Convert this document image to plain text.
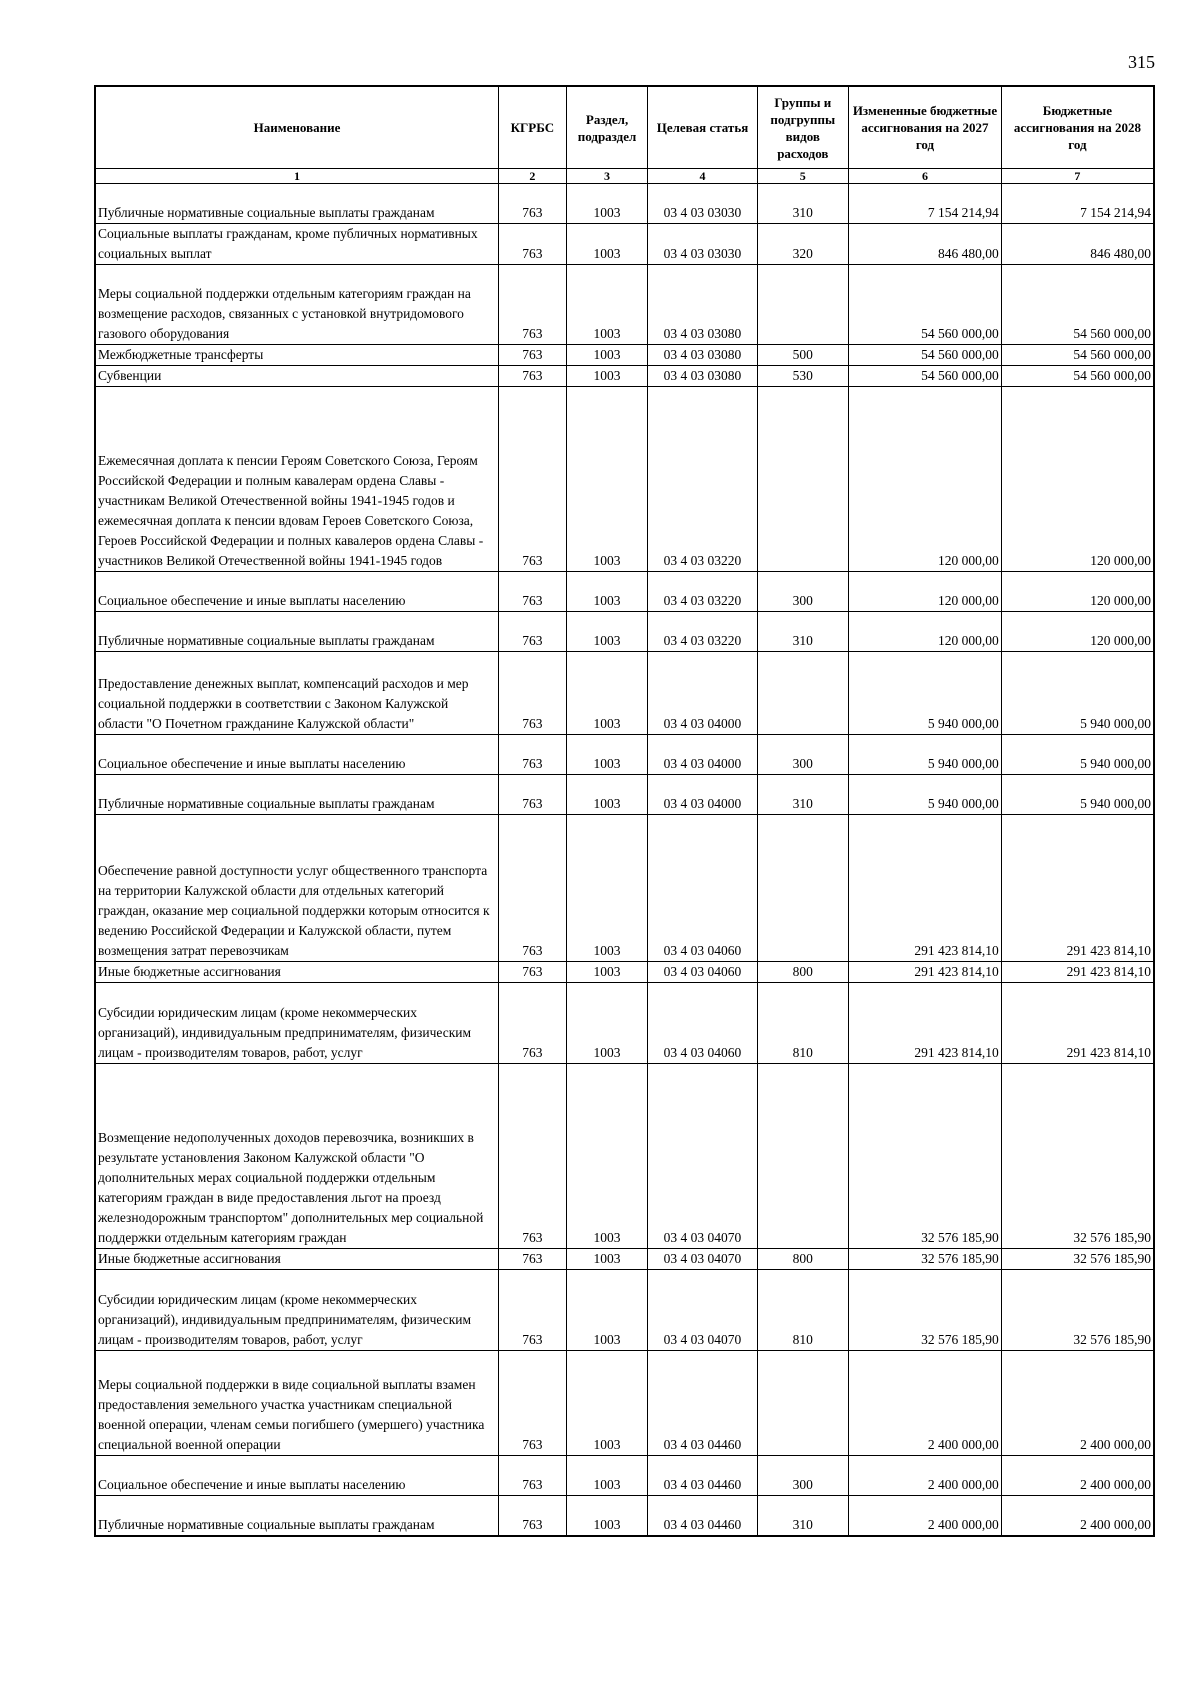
315
Наименование	КГРБС	Раздел, подраздел	Целевая статья	Группы и подгруппы видов расходов	Измененные бюджетные ассигнования на 2027 год	Бюджетные ассигнования на 2028 год
1	2	3	4	5	6	7
Публичные нормативные социальные выплаты гражданам	763	1003	03 4 03 03030	310	7 154 214,94	7 154 214,94
Социальные выплаты гражданам, кроме публичных нормативных социальных выплат	763	1003	03 4 03 03030	320	846 480,00	846 480,00
Меры социальной поддержки отдельным категориям граждан на возмещение расходов, связанных с установкой внутридомового газового оборудования	763	1003	03 4 03 03080		54 560 000,00	54 560 000,00
Межбюджетные трансферты	763	1003	03 4 03 03080	500	54 560 000,00	54 560 000,00
Субвенции	763	1003	03 4 03 03080	530	54 560 000,00	54 560 000,00
Ежемесячная доплата к пенсии Героям Советского Союза, Героям Российской Федерации и полным кавалерам ордена Славы - участникам Великой Отечественной войны 1941-1945 годов и ежемесячная доплата к пенсии вдовам Героев Советского Союза, Героев Российской Федерации и полных кавалеров ордена Славы - участников Великой Отечественной войны 1941-1945 годов	763	1003	03 4 03 03220		120 000,00	120 000,00
Социальное обеспечение и иные выплаты населению	763	1003	03 4 03 03220	300	120 000,00	120 000,00
Публичные нормативные социальные выплаты гражданам	763	1003	03 4 03 03220	310	120 000,00	120 000,00
Предоставление денежных выплат, компенсаций расходов и мер социальной поддержки в соответствии с Законом Калужской области "О Почетном гражданине Калужской области"	763	1003	03 4 03 04000		5 940 000,00	5 940 000,00
Социальное обеспечение и иные выплаты населению	763	1003	03 4 03 04000	300	5 940 000,00	5 940 000,00
Публичные нормативные социальные выплаты гражданам	763	1003	03 4 03 04000	310	5 940 000,00	5 940 000,00
Обеспечение равной доступности услуг общественного транспорта на территории Калужской области для отдельных категорий граждан, оказание мер социальной поддержки которым относится к ведению Российской Федерации и Калужской области, путем возмещения затрат перевозчикам	763	1003	03 4 03 04060		291 423 814,10	291 423 814,10
Иные бюджетные ассигнования	763	1003	03 4 03 04060	800	291 423 814,10	291 423 814,10
Субсидии юридическим лицам (кроме некоммерческих организаций), индивидуальным предпринимателям, физическим лицам - производителям товаров, работ, услуг	763	1003	03 4 03 04060	810	291 423 814,10	291 423 814,10
Возмещение недополученных доходов перевозчика, возникших в результате установления Законом Калужской области "О дополнительных мерах социальной поддержки отдельным категориям граждан в виде предоставления льгот на проезд железнодорожным транспортом" дополнительных мер социальной поддержки отдельным категориям граждан	763	1003	03 4 03 04070		32 576 185,90	32 576 185,90
Иные бюджетные ассигнования	763	1003	03 4 03 04070	800	32 576 185,90	32 576 185,90
Субсидии юридическим лицам (кроме некоммерческих организаций), индивидуальным предпринимателям, физическим лицам - производителям товаров, работ, услуг	763	1003	03 4 03 04070	810	32 576 185,90	32 576 185,90
Меры социальной поддержки в виде социальной выплаты взамен предоставления земельного участка участникам специальной военной операции, членам семьи погибшего (умершего) участника специальной военной операции	763	1003	03 4 03 04460		2 400 000,00	2 400 000,00
Социальное обеспечение и иные выплаты населению	763	1003	03 4 03 04460	300	2 400 000,00	2 400 000,00
Публичные нормативные социальные выплаты гражданам	763	1003	03 4 03 04460	310	2 400 000,00	2 400 000,00
